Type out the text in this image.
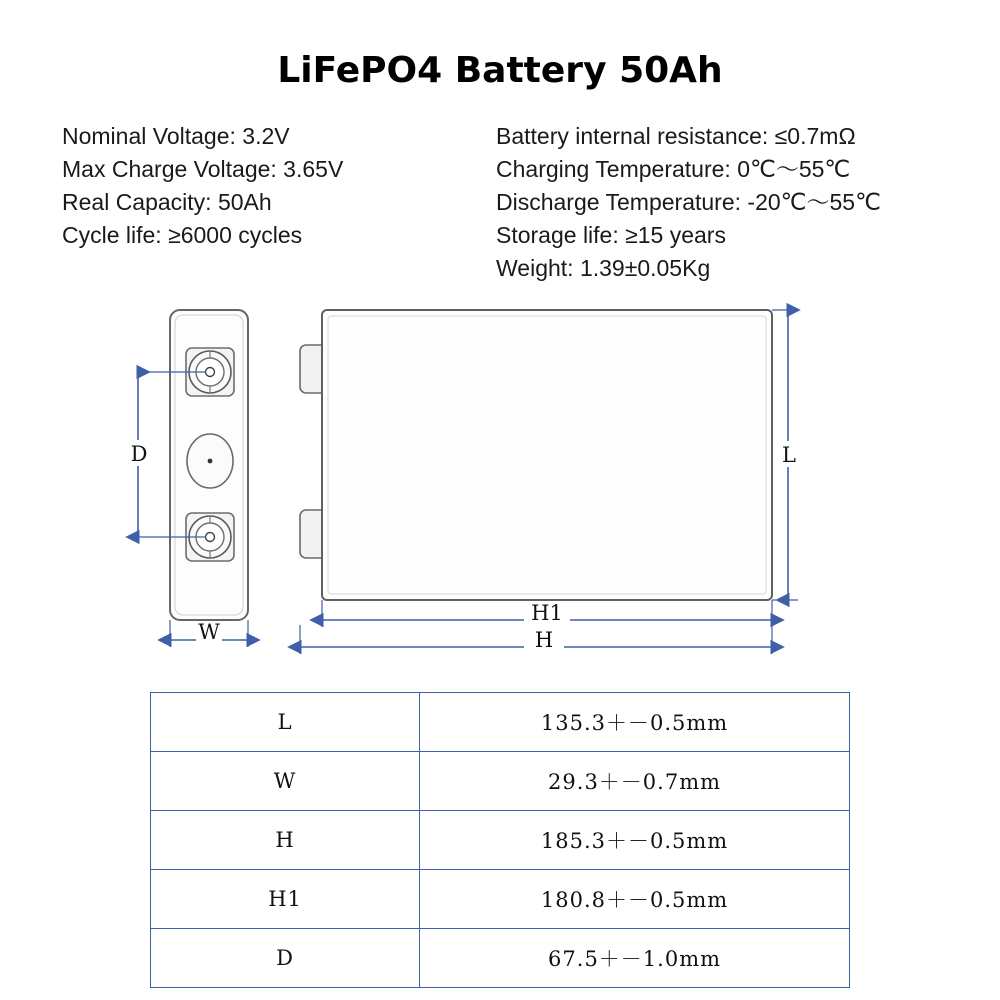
LiFePO4 Battery 50Ah
Nominal Voltage: 3.2V
Max Charge Voltage: 3.65V
Real Capacity: 50Ah
Cycle life: ≥6000 cycles
Battery internal resistance: ≤0.7mΩ
Charging Temperature: 0℃～55℃
Discharge Temperature: -20℃～55℃
Storage life: ≥15 years
Weight: 1.39±0.05Kg
D
W
L
H1
H
L	135.3＋－0.5mm
W	29.3＋－0.7mm
H	185.3＋－0.5mm
H1	180.8＋－0.5mm
D	67.5＋－1.0mm
